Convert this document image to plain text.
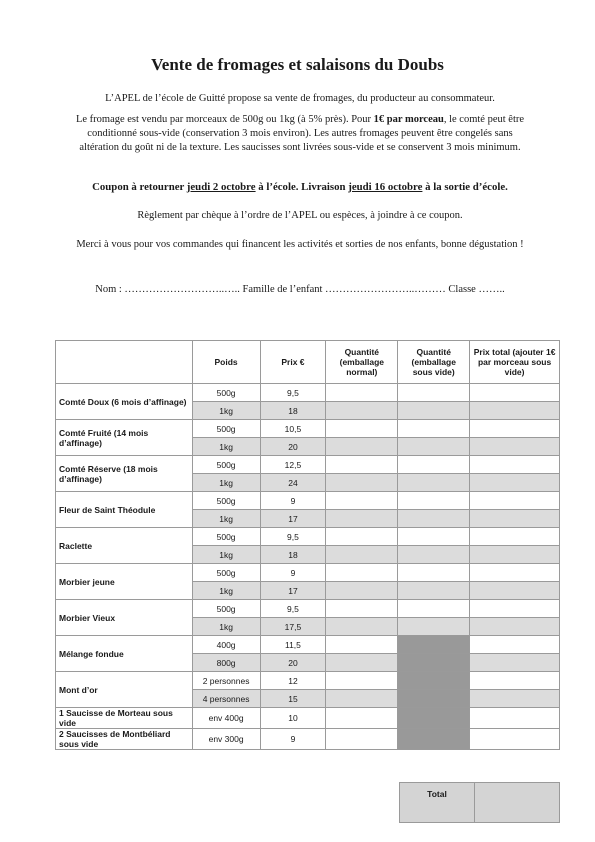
Vente de fromages et salaisons du Doubs

L’APEL de l’école de Guitté propose sa vente de fromages, du producteur au consommateur.

Le fromage est vendu par morceaux de 500g ou 1kg (à 5% près). Pour 1€ par morceau, le comté peut être conditionné sous-vide (conservation 3 mois environ). Les autres fromages peuvent être congelés sans altération du goût ni de la texture. Les saucisses sont livrées sous-vide et se conservent 3 mois minimum.

Coupon à retourner jeudi 2 octobre à l’école. Livraison jeudi 16 octobre à la sortie d’école.

Règlement par chèque à l’ordre de l’APEL ou espèces, à joindre à ce coupon.

Merci à vous pour vos commandes qui financent les activités et sorties de nos enfants, bonne dégustation !

Nom : ………………………..….. Famille de l’enfant ……………………..……… Classe ……..

	Poids	Prix €	Quantité (emballage normal)	Quantité (emballage sous vide)	Prix total (ajouter 1€ par morceau sous vide)
Comté Doux (6 mois d’affinage)	500g	9,5			
	1kg	18			
Comté Fruité (14 mois d’affinage)	500g	10,5			
	1kg	20			
Comté Réserve (18 mois d’affinage)	500g	12,5			
	1kg	24			
Fleur de Saint Théodule	500g	9			
	1kg	17			
Raclette	500g	9,5			
	1kg	18			
Morbier jeune	500g	9			
	1kg	17			
Morbier Vieux	500g	9,5			
	1kg	17,5			
Mélange fondue	400g	11,5			
	800g	20			
Mont d’or	2 personnes	12			
	4 personnes	15			
1 Saucisse de Morteau sous vide	env 400g	10			
2 Saucisses de Montbéliard sous vide	env 300g	9			
Total	
